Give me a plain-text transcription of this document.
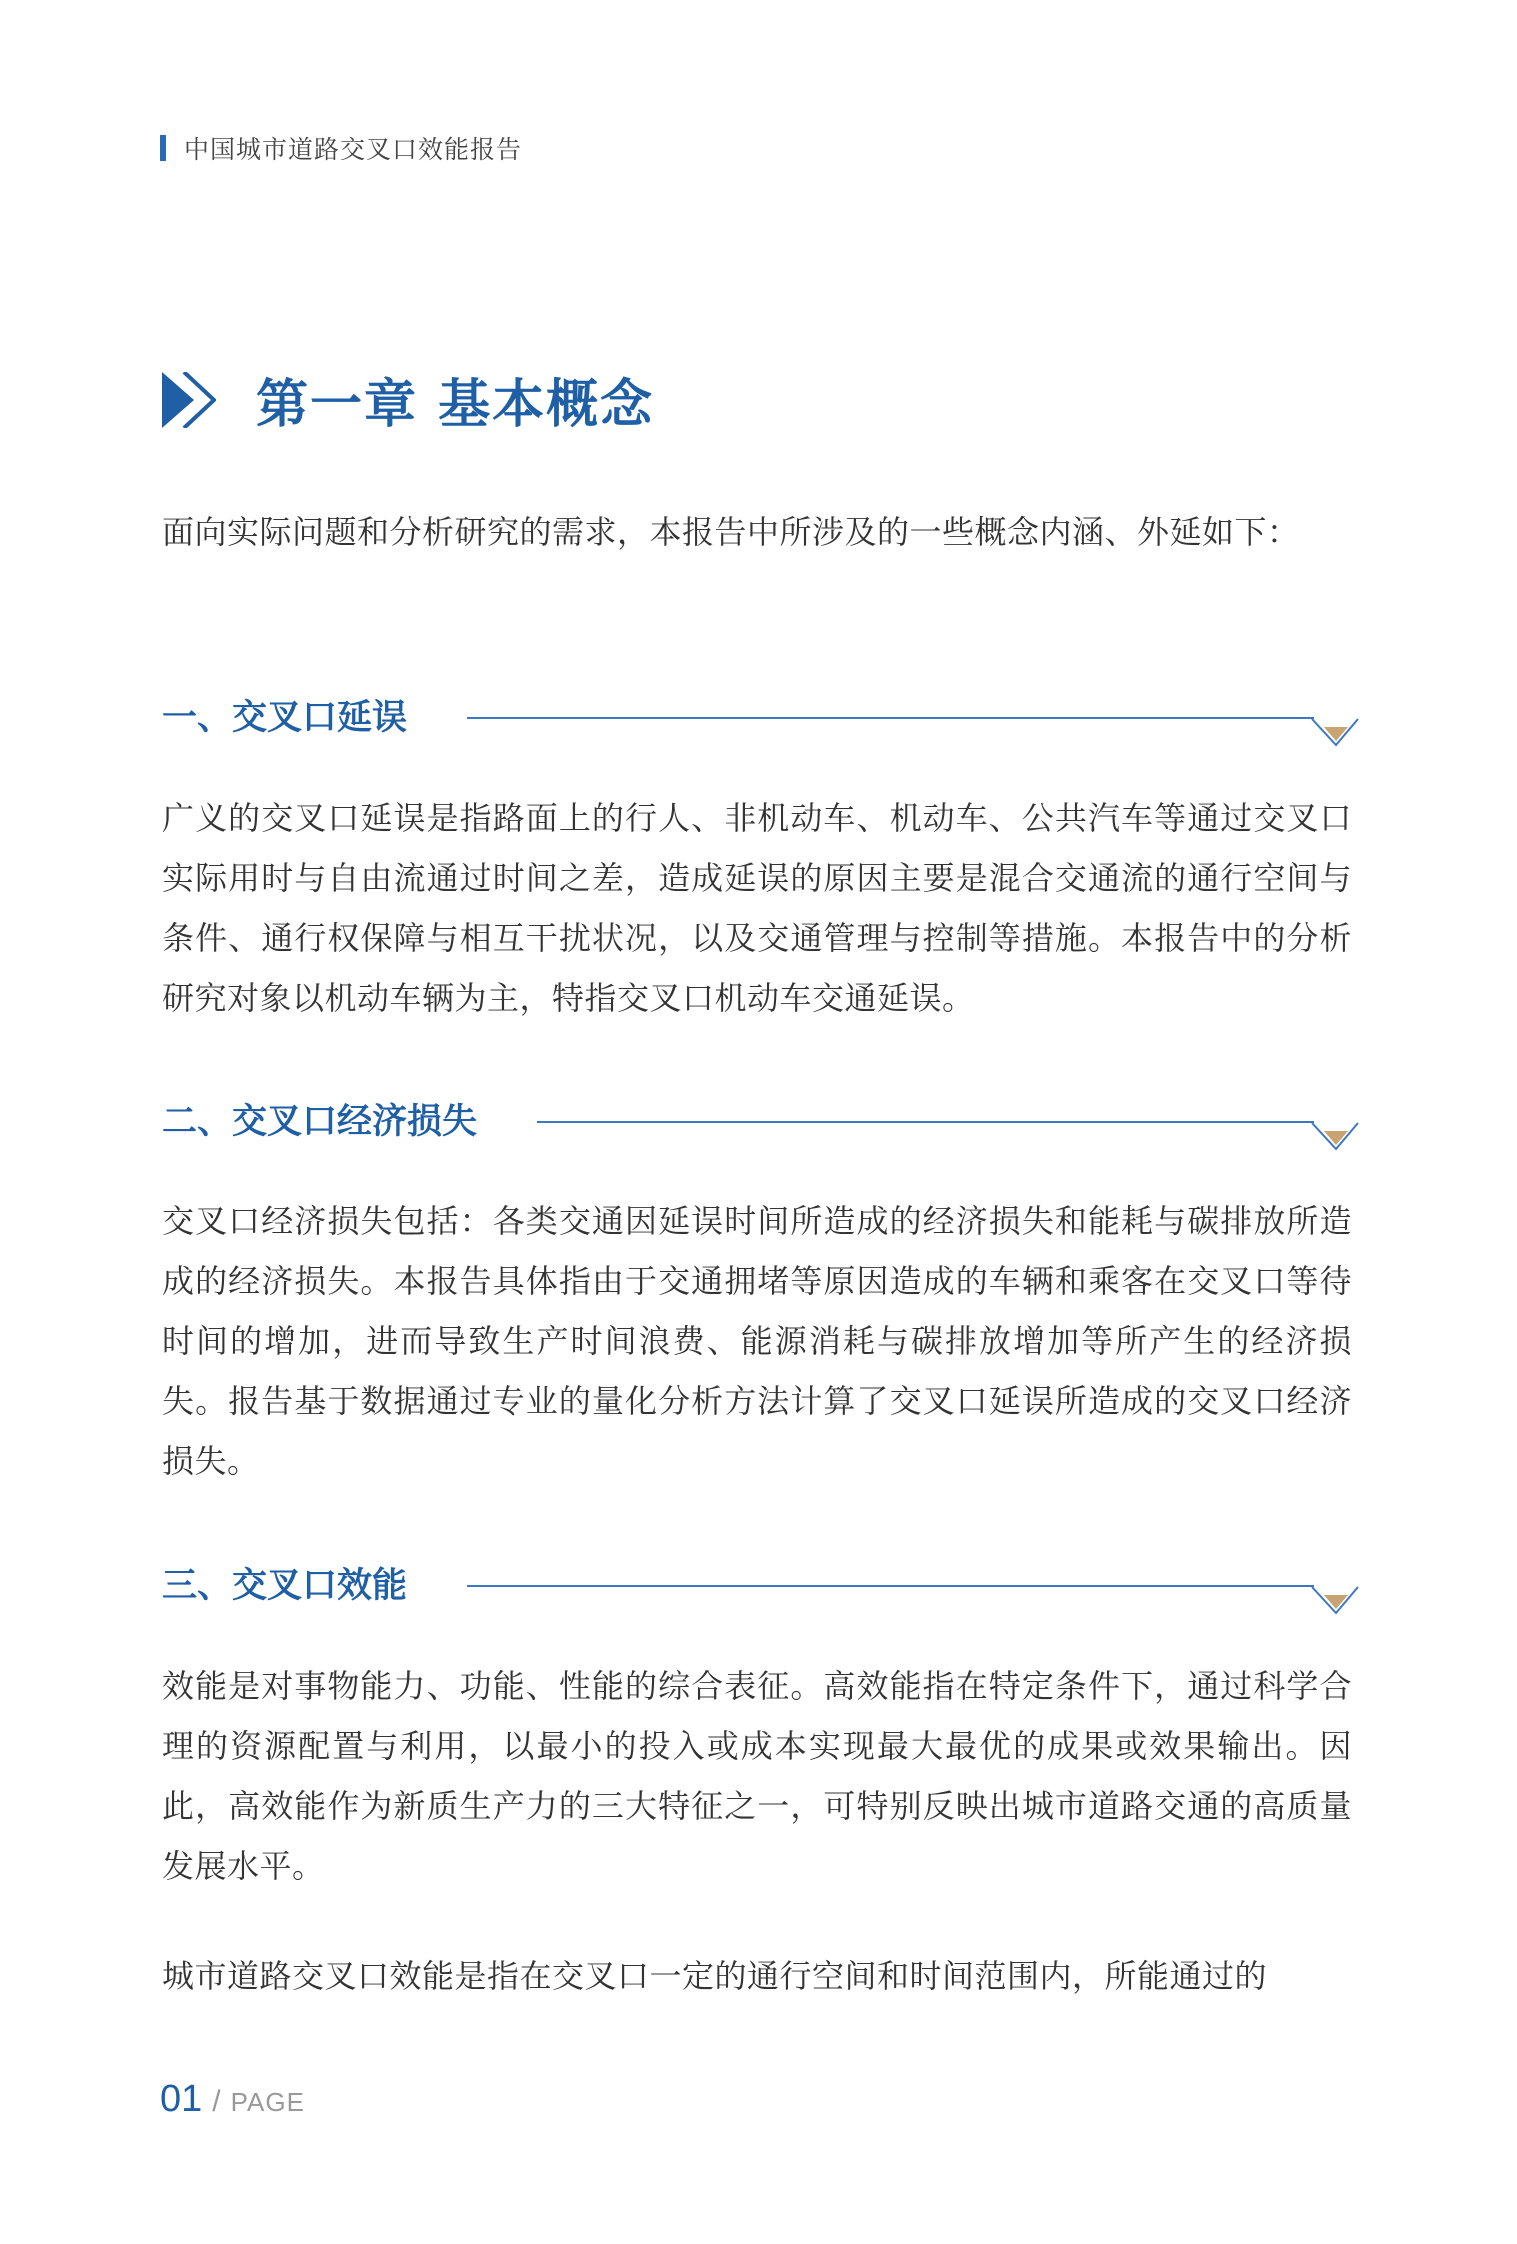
中国城市道路交叉口效能报告
第一章 基本概念
面向实际问题和分析研究的需求，本报告中所涉及的一些概念内涵、外延如下：
一、交叉口延误
广义的交叉口延误是指路面上的行人、非机动车、机动车、公共汽车等通过交叉口实际用时与自由流通过时间之差，造成延误的原因主要是混合交通流的通行空间与条件、通行权保障与相互干扰状况，以及交通管理与控制等措施。本报告中的分析研究对象以机动车辆为主，特指交叉口机动车交通延误。
二、交叉口经济损失
交叉口经济损失包括：各类交通因延误时间所造成的经济损失和能耗与碳排放所造成的经济损失。本报告具体指由于交通拥堵等原因造成的车辆和乘客在交叉口等待时间的增加，进而导致生产时间浪费、能源消耗与碳排放增加等所产生的经济损失。报告基于数据通过专业的量化分析方法计算了交叉口延误所造成的交叉口经济损失。
三、交叉口效能
效能是对事物能力、功能、性能的综合表征。高效能指在特定条件下，通过科学合理的资源配置与利用，以最小的投入或成本实现最大最优的成果或效果输出。因此，高效能作为新质生产力的三大特征之一，可特别反映出城市道路交通的高质量发展水平。
城市道路交叉口效能是指在交叉口一定的通行空间和时间范围内，所能通过的
01 / PAGE
